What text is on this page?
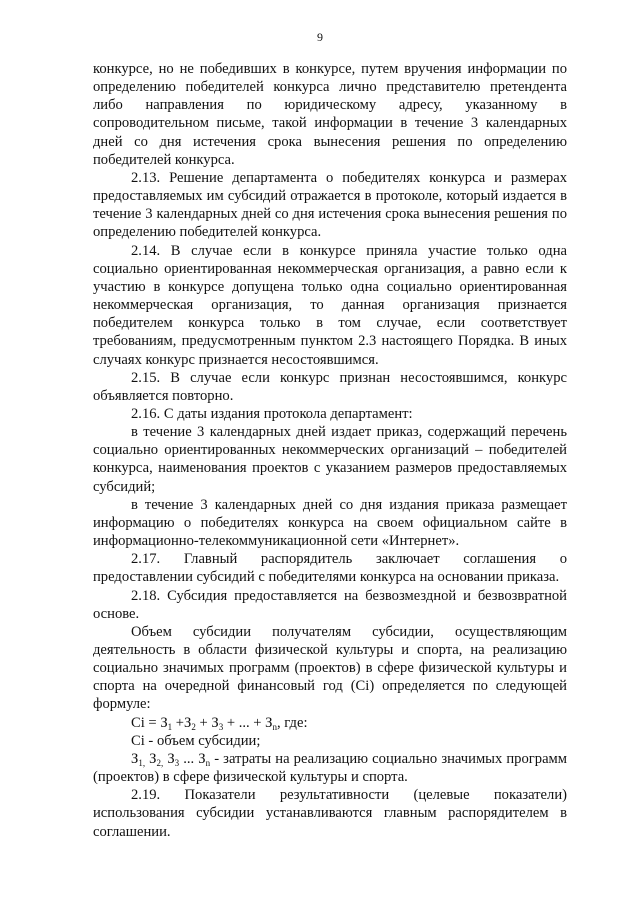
9

конкурсе, но не победивших в конкурсе, путем вручения информации по определению победителей конкурса лично представителю претендента либо направления по юридическому адресу, указанному в сопроводительном письме, такой информации в течение 3 календарных дней со дня истечения срока вынесения решения по определению победителей конкурса.

2.13. Решение департамента о победителях конкурса и размерах предоставляемых им субсидий отражается в протоколе, который издается в течение 3 календарных дней со дня истечения срока вынесения решения по определению победителей конкурса.

2.14. В случае если в конкурсе приняла участие только одна социально ориентированная некоммерческая организация, а равно если к участию в конкурсе допущена только одна социально ориентированная некоммерческая организация, то данная организация признается победителем конкурса только в том случае, если соответствует требованиям, предусмотренным пунктом 2.3 настоящего Порядка. В иных случаях конкурс признается несостоявшимся.

2.15. В случае если конкурс признан несостоявшимся, конкурс объявляется повторно.

2.16. С даты издания протокола департамент:

в течение 3 календарных дней издает приказ, содержащий перечень социально ориентированных некоммерческих организаций – победителей конкурса, наименования проектов с указанием размеров предоставляемых субсидий;

в течение 3 календарных дней со дня издания приказа размещает информацию о победителях конкурса на своем официальном сайте в информационно-телекоммуникационной сети «Интернет».

2.17. Главный распорядитель заключает соглашения о предоставлении субсидий с победителями конкурса на основании приказа.

2.18. Субсидия предоставляется на безвозмездной и безвозвратной основе.

Объем субсидии получателям субсидии, осуществляющим деятельность в области физической культуры и спорта, на реализацию социально значимых программ (проектов) в сфере физической культуры и спорта на очередной финансовый год (Ci) определяется по следующей формуле:

$Ci = З_1 +З_2 + З_3$ + ... + $З_n$, где:

Ci - объем субсидии;

$З_{1,}$ $З_{2,}$ $З_3$ ... $З_n$ - затраты на реализацию социально значимых программ (проектов) в сфере физической культуры и спорта.

2.19. Показатели результативности (целевые показатели) использования субсидии устанавливаются главным распорядителем в соглашении.
